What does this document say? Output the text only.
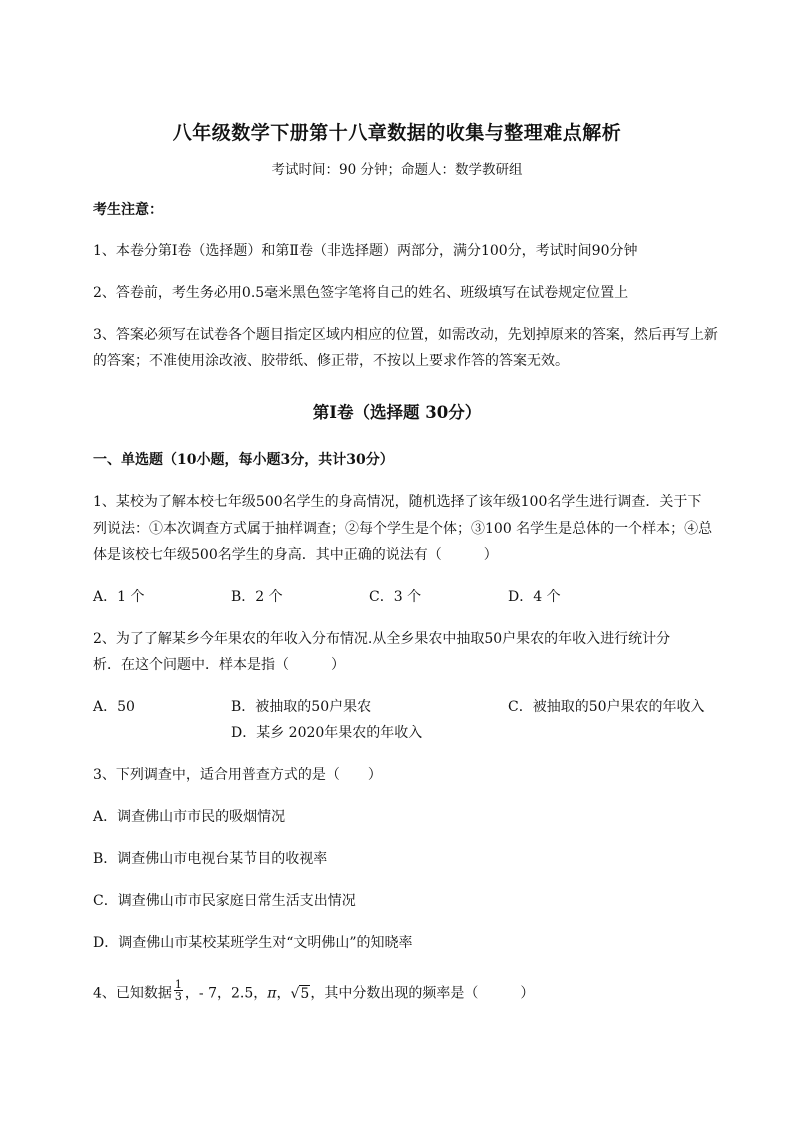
八年级数学下册第十八章数据的收集与整理难点解析
考试时间：90 分钟；命题人：数学教研组
考生注意：
1、本卷分第Ⅰ卷（选择题）和第Ⅱ卷（非选择题）两部分，满分100分，考试时间90分钟
2、答卷前，考生务必用0.5毫米黑色签字笔将自己的姓名、班级填写在试卷规定位置上
3、答案必须写在试卷各个题目指定区域内相应的位置，如需改动，先划掉原来的答案，然后再写上新
的答案；不准使用涂改液、胶带纸、修正带，不按以上要求作答的答案无效。
第Ⅰ卷（选择题 30分）
一、单选题（10小题，每小题3分，共计30分）
1、某校为了解本校七年级500名学生的身高情况，随机选择了该年级100名学生进行调查．关于下
列说法：①本次调查方式属于抽样调查；②每个学生是个体；③100 名学生是总体的一个样本；④总
体是该校七年级500名学生的身高．其中正确的说法有（　　　）
A．1 个	B．2 个	C．3 个	D．4 个
2、为了了解某乡今年果农的年收入分布情况.从全乡果农中抽取50户果农的年收入进行统计分
析．在这个问题中．样本是指（　　　）
A．50	B．被抽取的50户果农	C．被抽取的50户果农的年收入
D．某乡 2020年果农的年收入
3、下列调查中，适合用普查方式的是（　　）
A．调查佛山市市民的吸烟情况
B．调查佛山市电视台某节目的收视率
C．调查佛山市市民家庭日常生活支出情况
D．调查佛山市某校某班学生对“文明佛山”的知晓率
4、已知数据 $\frac{1}{3}$ ，- 7，2.5，π，√5，其中分数出现的频率是（　　　）
